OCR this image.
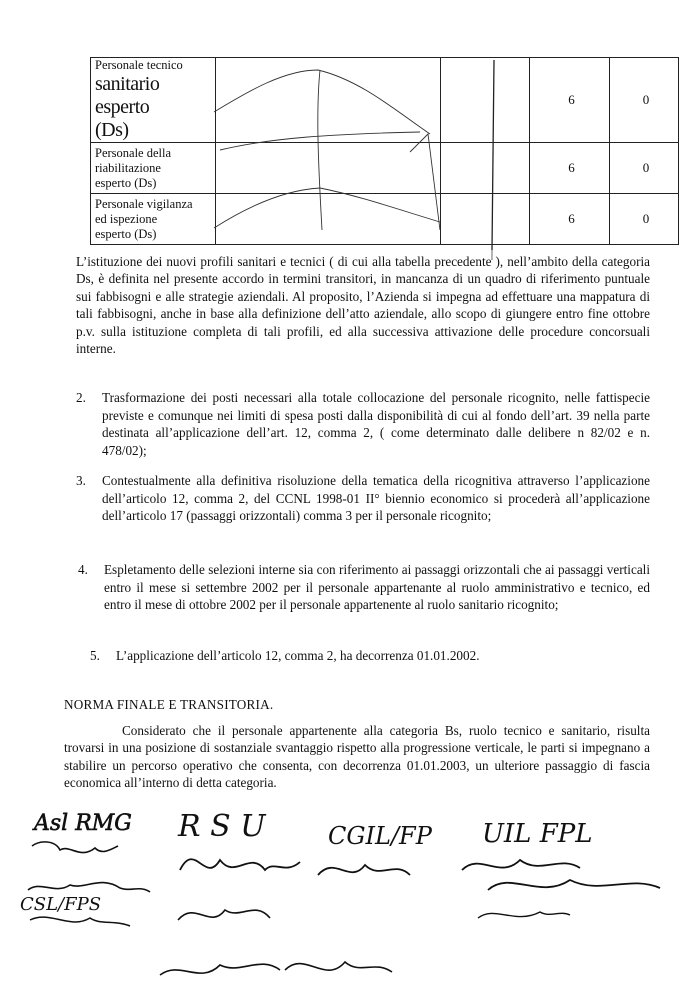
Personale tecnico
sanitario esperto
(Ds)			6	0

Personale della
riabilitazione
esperto (Ds)			6	0

Personale vigilanza
ed ispezione
esperto (Ds)			6	0

L’istituzione dei nuovi profili sanitari e tecnici ( di cui alla tabella precedente ), nell’ambito della categoria Ds, è definita nel presente accordo in termini transitori, in mancanza di un quadro di riferimento puntuale sui fabbisogni e alle strategie aziendali. Al proposito, l’Azienda si impegna ad effettuare una mappatura di tali fabbisogni, anche in base alla definizione dell’atto aziendale, allo scopo di giungere entro fine ottobre p.v. sulla istituzione completa di tali profili, ed alla successiva attivazione delle procedure concorsuali interne.

2. Trasformazione dei posti necessari alla totale collocazione del personale ricognito, nelle fattispecie previste e comunque nei limiti di spesa posti dalla disponibilità di cui al fondo dell’art. 39 nella parte destinata all’applicazione dell’art. 12, comma 2, ( come determinato dalle delibere n 82/02 e n. 478/02);
3. Contestualmente alla definitiva risoluzione della tematica della ricognitiva attraverso l’applicazione dell’articolo 12, comma 2, del CCNL 1998-01 II° biennio economico si procederà all’applicazione dell’articolo 17 (passaggi orizzontali) comma 3 per il personale ricognito;
4. Espletamento delle selezioni interne sia con riferimento ai passaggi orizzontali che ai passaggi verticali entro il mese si settembre 2002 per il personale appartenante al ruolo amministrativo e tecnico, ed entro il mese di ottobre 2002 per il personale appartenente al ruolo sanitario ricognito;
5. L’applicazione dell’articolo 12, comma 2, ha decorrenza 01.01.2002.
NORMA FINALE E TRANSITORIA.

Considerato che il personale appartenente alla categoria Bs, ruolo tecnico e sanitario, risulta trovarsi in una posizione di sostanziale svantaggio rispetto alla progressione verticale, le parti si impegnano a stabilire un percorso operativo che consenta, con decorrenza 01.01.2003, un ulteriore passaggio di fascia economica all’interno di detta categoria.

Asl RMG
CSL/FPS
R S U	CGIL/FP UIL FPL
